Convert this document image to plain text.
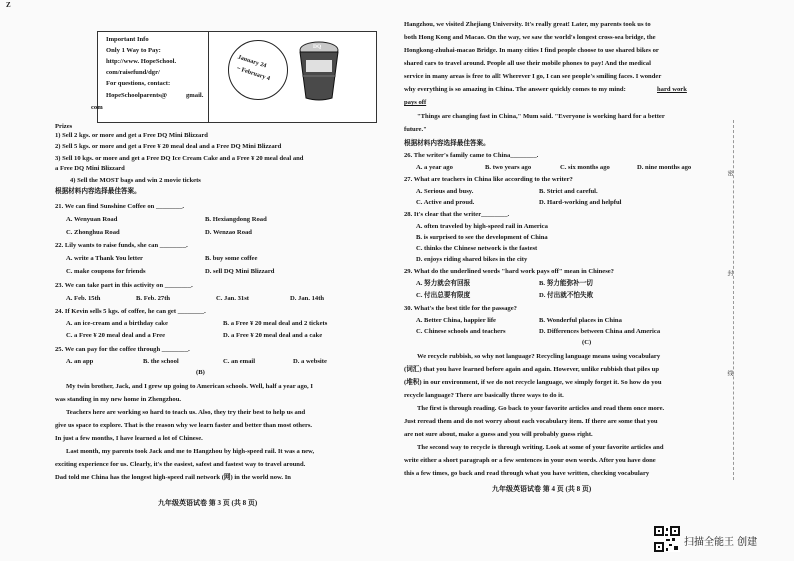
Z
Important Info
Only 1 Way to Pay:
http://www. HopeSchool.
com/raisefund/dgr/
For questions, contact:
HopeSchoolparents@	gmail.
com
January 24
~ February 4
DQ
Prizes
1) Sell 2 kgs. or more and get a Free DQ Mini Blizzard
2) Sell 5 kgs. or more and get a Free ¥ 20 meal deal and a Free DQ Mini Blizzard
3) Sell 10 kgs. or more and get a Free DQ Ice Cream Cake and a Free ¥ 20 meal deal and
a Free DQ Mini Blizzard
4) Sell the MOST bags and win 2 movie tickets
根据材料内容选择最佳答案。
21. We can find Sunshine Coffee on ________.
A. Wenyuan Road	B. Hexiangdong Road
C. Zhonghua Road	D. Wenzao Road
22. Lily wants to raise funds, she can ________.
A. write a Thank You letter	B. buy some coffee
C. make coupons for friends	D. sell DQ Mini Blizzard
23. We can take part in this activity on ________.
A. Feb. 15th	B. Feb. 27th	C. Jan. 31st	D. Jan. 14th
24. If Kevin sells 5 kgs. of coffee, he can get ________.
A. an ice-cream and a birthday cake	B. a Free ¥ 20 meal deal and 2 tickets
C. a Free ¥ 20 meal deal and a Free	D. a Free ¥ 20 meal deal and a cake
25. We can pay for the coffee through ________.
A. an app	B. the school	C. an email	D. a website
(B)
My twin brother, Jack, and I grew up going to American schools. Well, half a year ago, I
was standing in my new home in Zhengzhou.
Teachers here are working so hard to teach us. Also, they try their best to help us and
give us space to explore. That is the reason why we learn faster and better than most others.
In just a few months, I have learned a lot of Chinese.
Last month, my parents took Jack and me to Hangzhou by high-speed rail. It was a new,
exciting experience for us. Clearly, it's the easiest, safest and fastest way to travel around.
Dad told me China has the longest high-speed rail network (网) in the world now. In
九年级英语试卷 第 3 页 (共 8 页)
Hangzhou, we visited Zhejiang University. It's really great! Later, my parents took us to
both Hong Kong and Macao. On the way, we saw the world's longest cross-sea bridge, the
Hongkong-zhuhai-macao Bridge. In many cities I find people choose to use shared bikes or
shared cars to travel around. People all use their mobile phones to pay! And the medical
service in many areas is free to all! Wherever I go, I can see people's smiling faces. I wonder
why everything is so amazing in China. The answer quickly comes to my mind:	hard work
pays off
"Things are changing fast in China," Mum said. "Everyone is working hard for a better
future."
根据材料内容选择最佳答案。
26. The writer's family came to China________.
A. a year ago	B. two years ago	C. six months ago	D. nine months ago
27. What are teachers in China like according to the writer?
A. Serious and busy.	B. Strict and careful.
C. Active and proud.	D. Hard-working and helpful
28. It's clear that the writer________.
A. often traveled by high-speed rail in America
B. is surprised to see the development of China
C. thinks the Chinese network is the fastest
D. enjoys riding shared bikes in the city
29. What do the underlined words "hard work pays off" mean in Chinese?
A. 努力就会有回报	B. 努力能弥补一切
C. 付出总要有限度	D. 付出就不怕失败
30. What's the best title for the passage?
A. Better China, happier life	B. Wonderful places in China
C. Chinese schools and teachers	D. Differences between China and America
(C)
We recycle rubbish, so why not language? Recycling language means using vocabulary
(词汇) that you have learned before again and again. However, unlike rubbish that piles up
(堆积) in our environment, if we do not recycle language, we simply forget it. So how do you
recycle language? There are basically three ways to do it.
The first is through reading. Go back to your favorite articles and read them once more.
Just reread them and do not worry about each vocabulary item. If there are some that you
are not sure about, make a guess and you will probably guess right.
The second way to recycle is through writing. Look at some of your favorite articles and
write either a short paragraph or a few sentences in your own words. After you have done
this a few times, go back and read through what you have written, checking vocabulary
九年级英语试卷 第 4 页 (共 8 页)
密
封
线
扫描全能王 创建
